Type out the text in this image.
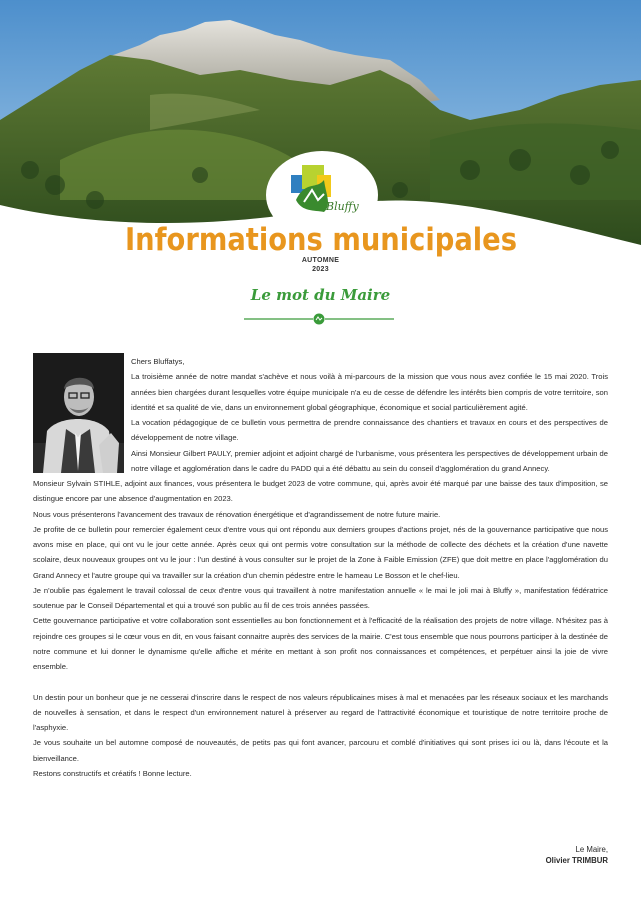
Bluffy
Informations municipales
AUTOMNE
2023
Le mot du Maire

Chers Bluffatys,

La troisième année de notre mandat s'achève et nous voilà à mi-parcours de la mission que vous nous avez confiée le 15 mai 2020. Trois années bien chargées durant lesquelles votre équipe municipale n'a eu de cesse de défendre les intérêts bien compris de votre territoire, son identité et sa qualité de vie, dans un environnement global géographique, économique et social particulièrement agité.

La vocation pédagogique de ce bulletin vous permettra de prendre connaissance des chantiers et travaux en cours et des perspectives de développement de notre village.

Ainsi Monsieur Gilbert PAULY, premier adjoint et adjoint chargé de l'urbanisme, vous présentera les perspectives de développement urbain de notre village et agglomération dans le cadre du PADD qui a été débattu au sein du conseil d'agglomération du grand Annecy.

Monsieur Sylvain STIHLE, adjoint aux finances, vous présentera le budget 2023 de votre commune, qui, après avoir été marqué par une baisse des taux d'imposition, se distingue encore par une absence d'augmentation en 2023.

Nous vous présenterons l'avancement des travaux de rénovation énergétique et d'agrandissement de notre future mairie.

Je profite de ce bulletin pour remercier également ceux d'entre vous qui ont répondu aux derniers groupes d'actions projet, nés de la gouvernance participative que nous avons mise en place, qui ont vu le jour cette année. Après ceux qui ont permis votre consultation sur la méthode de collecte des déchets et la création d'une navette scolaire, deux nouveaux groupes ont vu le jour : l'un destiné à vous consulter sur le projet de la Zone à Faible Emission (ZFE) que doit mettre en place l'agglomération du Grand Annecy et l'autre groupe qui va travailler sur la création d'un chemin pédestre entre le hameau Le Bosson et le chef-lieu.

Je n'oublie pas également le travail colossal de ceux d'entre vous qui travaillent à notre manifestation annuelle « le mai le joli mai à Bluffy », manifestation fédératrice soutenue par le Conseil Départemental et qui a trouvé son public au fil de ces trois années passées.

Cette gouvernance participative et votre collaboration sont essentielles au bon fonctionnement et à l'efficacité de la réalisation des projets de notre village. N'hésitez pas à rejoindre ces groupes si le cœur vous en dit, en vous faisant connaitre auprès des services de la mairie. C'est tous ensemble que nous pourrons participer à la destinée de notre commune et lui donner le dynamisme qu'elle affiche et mérite en mettant à son profit nos connaissances et compétences, et perpétuer ainsi la joie de vivre ensemble.

Un destin pour un bonheur que je ne cesserai d'inscrire dans le respect de nos valeurs républicaines mises à mal et menacées par les réseaux sociaux et les marchands de nouvelles à sensation, et dans le respect d'un environnement naturel à préserver au regard de l'attractivité économique et touristique de notre territoire proche de l'asphyxie.

Je vous souhaite un bel automne composé de nouveautés, de petits pas qui font avancer, parcouru et comblé d'initiatives qui sont prises ici ou là, dans l'écoute et la bienveillance.

Restons constructifs et créatifs ! Bonne lecture.

Le Maire,
Olivier TRIMBUR
